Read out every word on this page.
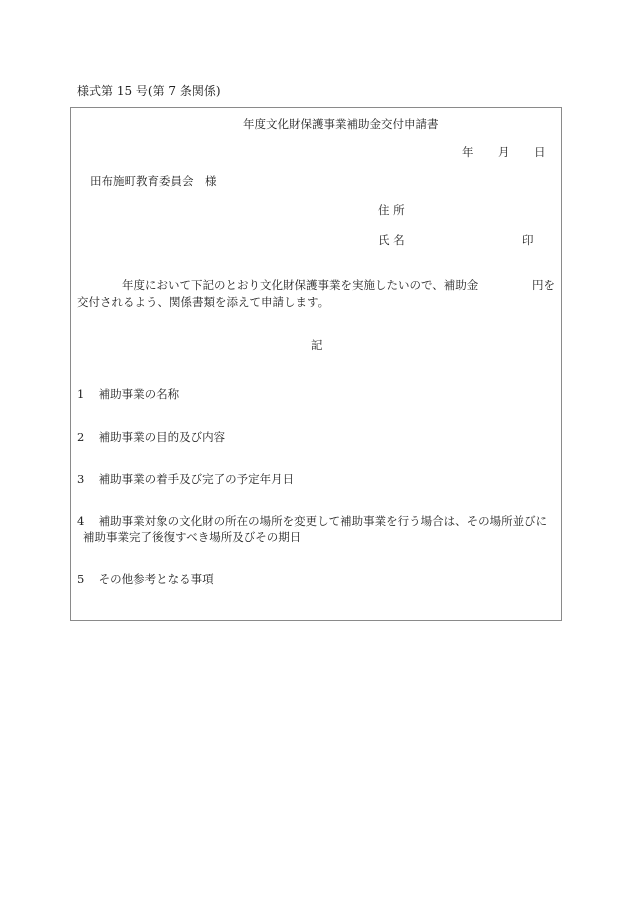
様式第 15 号(第 7 条関係)
年度文化財保護事業補助金交付申請書
年 月 日
田布施町教育委員会　様
住 所
氏 名	印
年度において下記のとおり文化財保護事業を実施したいので、補助金	円を
交付されるよう、関係書類を添えて申請します。
記
1 補助事業の名称
2 補助事業の目的及び内容
3 補助事業の着手及び完了の予定年月日
4 補助事業対象の文化財の所在の場所を変更して補助事業を行う場合は、その場所並びに
補助事業完了後復すべき場所及びその期日
5 その他参考となる事項
